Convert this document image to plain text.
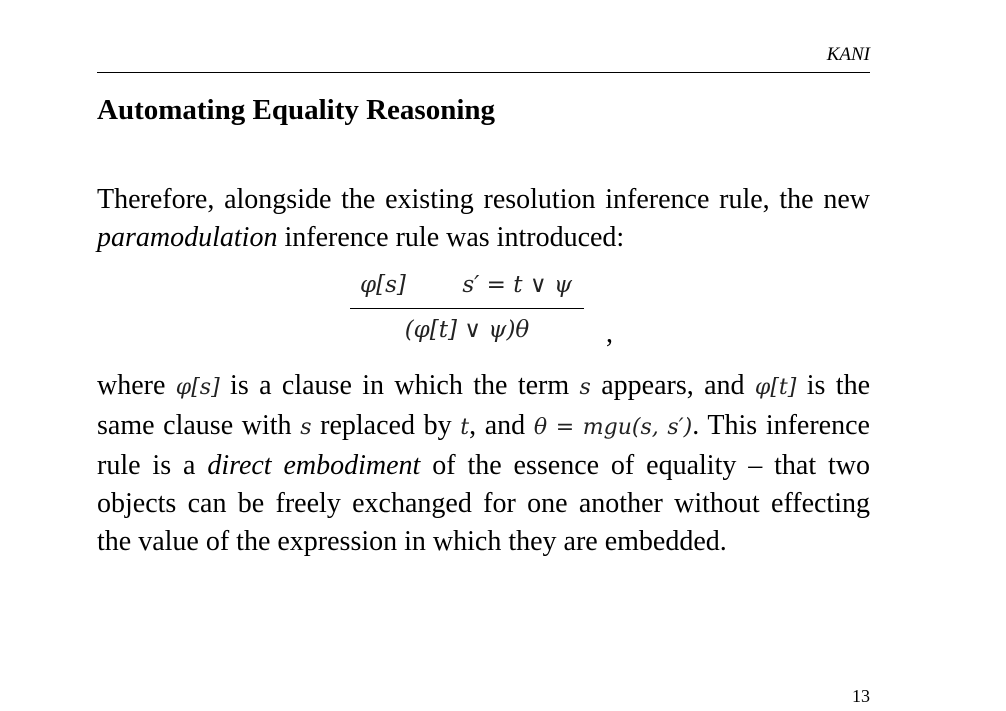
KANI
Automating Equality Reasoning

Therefore, alongside the existing resolution inference rule, the new paramodulation inference rule was introduced:

φ[s] s′ = t ∨ ψ
(φ[t] ∨ ψ)θ	,

where φ[s] is a clause in which the term s appears, and φ[t] is the same clause with s replaced by t, and θ = mgu(s, s′). This inference rule is a direct embodiment of the essence of equality – that two objects can be freely exchanged for one another without effecting the value of the expression in which they are embedded.

13
